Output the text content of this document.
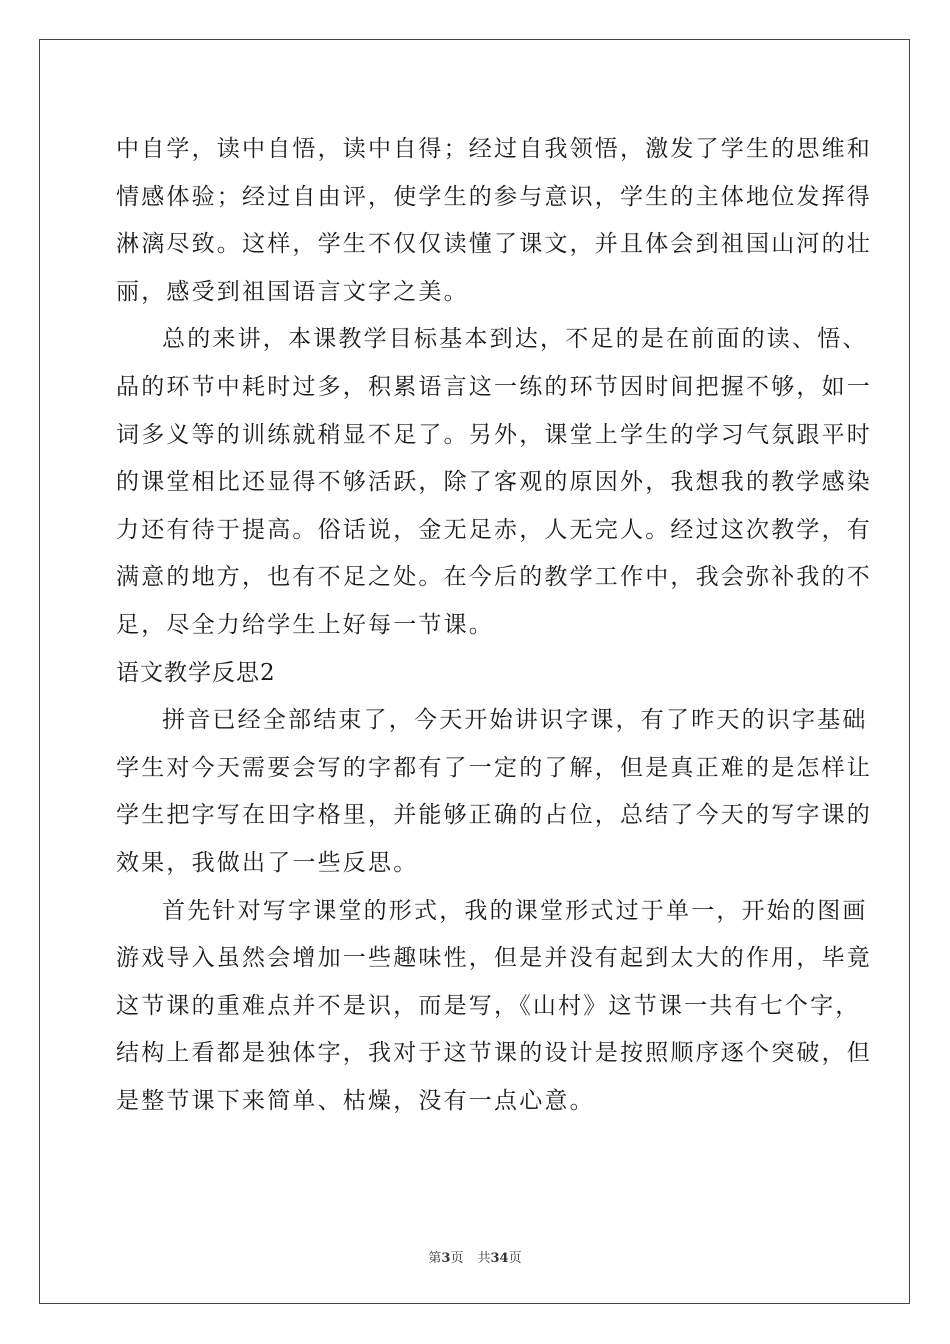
中自学，读中自悟，读中自得；经过自我领悟，激发了学生的思维和
情感体验；经过自由评，使学生的参与意识，学生的主体地位发挥得
淋漓尽致。这样，学生不仅仅读懂了课文，并且体会到祖国山河的壮
丽，感受到祖国语言文字之美。
总的来讲，本课教学目标基本到达，不足的是在前面的读、悟、
品的环节中耗时过多，积累语言这一练的环节因时间把握不够，如一
词多义等的训练就稍显不足了。另外，课堂上学生的学习气氛跟平时
的课堂相比还显得不够活跃，除了客观的原因外，我想我的教学感染
力还有待于提高。俗话说，金无足赤，人无完人。经过这次教学，有
满意的地方，也有不足之处。在今后的教学工作中，我会弥补我的不
足，尽全力给学生上好每一节课。
语文教学反思2
拼音已经全部结束了，今天开始讲识字课，有了昨天的识字基础
学生对今天需要会写的字都有了一定的了解，但是真正难的是怎样让
学生把字写在田字格里，并能够正确的占位，总结了今天的写字课的
效果，我做出了一些反思。
首先针对写字课堂的形式，我的课堂形式过于单一，开始的图画
游戏导入虽然会增加一些趣味性，但是并没有起到太大的作用，毕竟
这节课的重难点并不是识，而是写，《山村》这节课一共有七个字，
结构上看都是独体字，我对于这节课的设计是按照顺序逐个突破，但
是整节课下来简单、枯燥，没有一点心意。
第3页 共34页
